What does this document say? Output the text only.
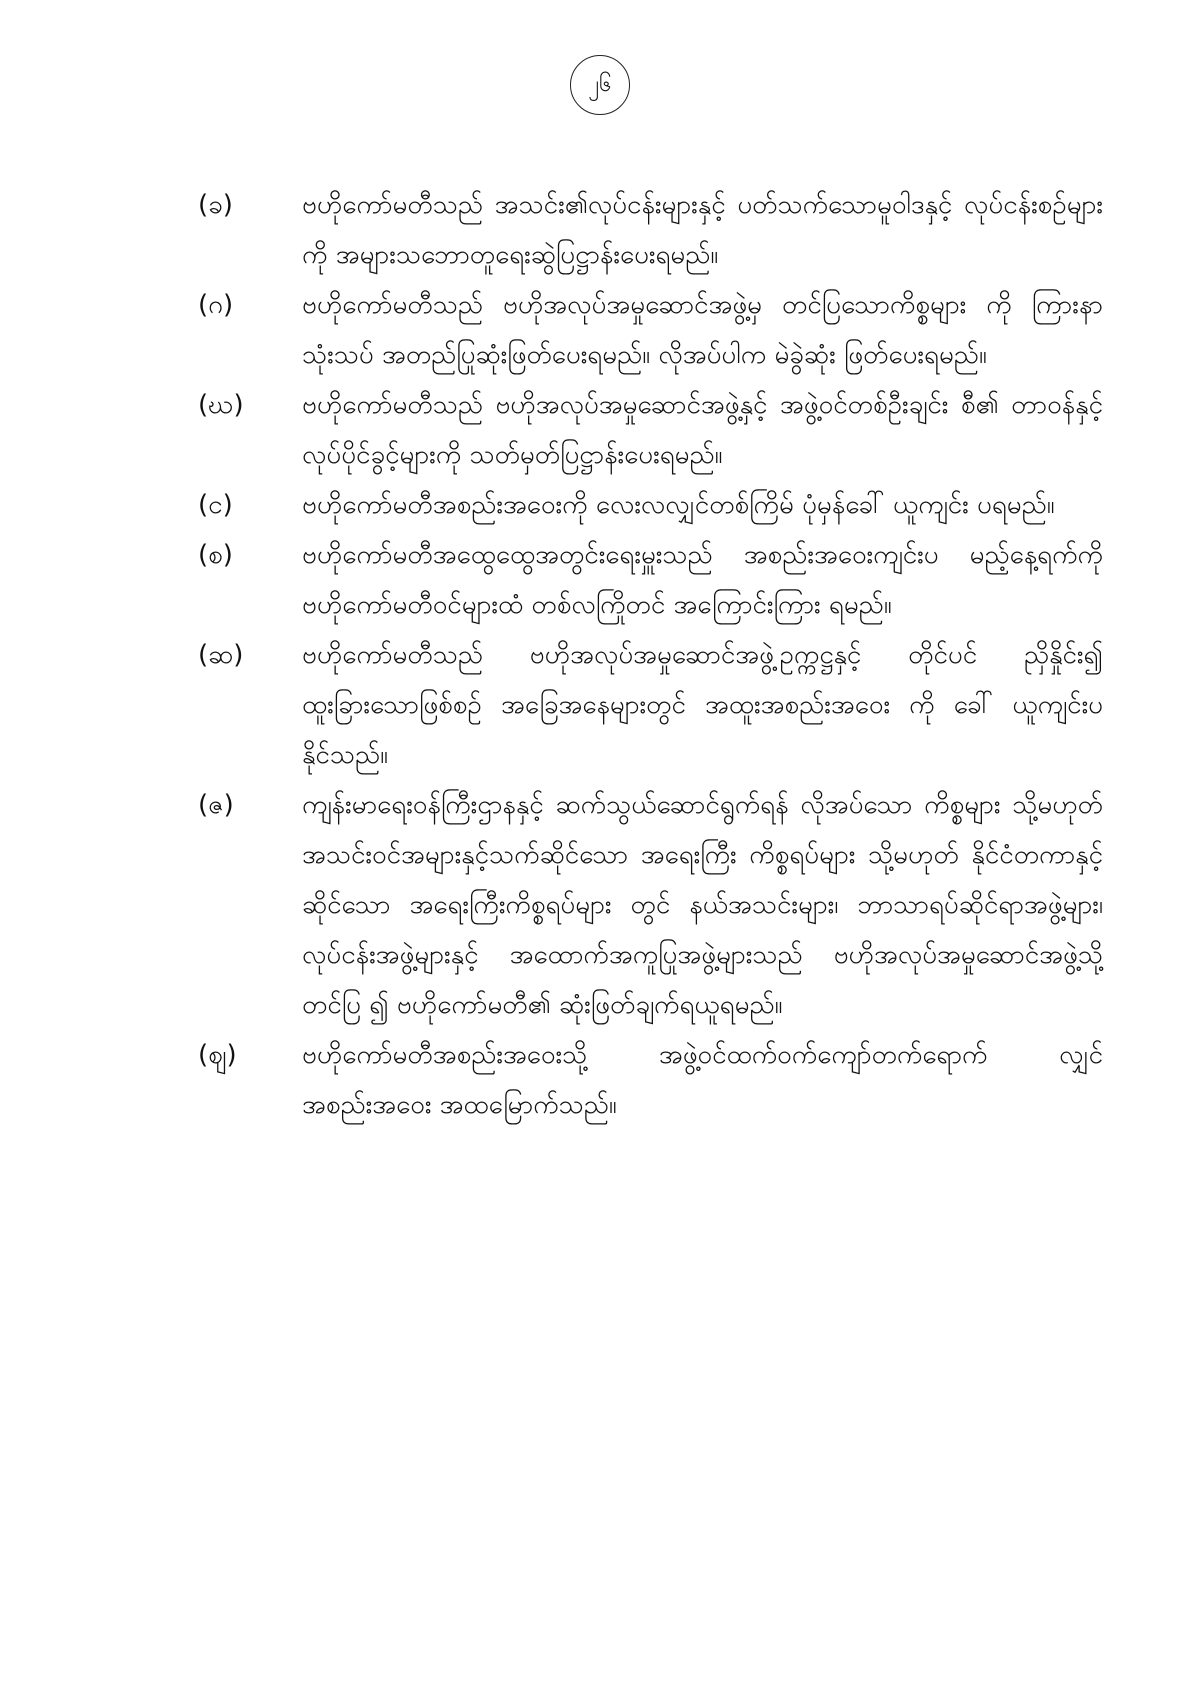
၂၆
(ခ)	ဗဟိုကော်မတီသည် အသင်း၏လုပ်ငန်းများနှင့် ပတ်သက်သောမူဝါဒနှင့် လုပ်ငန်းစဉ်များကို အများသဘောတူရေးဆွဲပြဋ္ဌာန်းပေးရမည်။
(ဂ)	ဗဟိုကော်မတီသည် ဗဟိုအလုပ်အမှုဆောင်အဖွဲ့မှ တင်ပြသောကိစ္စများ ကို ကြားနာသုံးသပ် အတည်ပြုဆုံးဖြတ်ပေးရမည်။ လိုအပ်ပါက မဲခွဲဆုံး ဖြတ်ပေးရမည်။
(ဃ)	ဗဟိုကော်မတီသည် ဗဟိုအလုပ်အမှုဆောင်အဖွဲ့နှင့် အဖွဲ့ဝင်တစ်ဦးချင်း စီ၏ တာဝန်နှင့်လုပ်ပိုင်ခွင့်များကို သတ်မှတ်ပြဋ္ဌာန်းပေးရမည်။
(င)	ဗဟိုကော်မတီအစည်းအဝေးကို လေးလလျှင်တစ်ကြိမ် ပုံမှန်ခေါ် ယူကျင်း ပရမည်။
(စ)	ဗဟိုကော်မတီအထွေထွေအတွင်းရေးမှူးသည် အစည်းအဝေးကျင်းပ မည့်နေ့ရက်ကို ဗဟိုကော်မတီဝင်များထံ တစ်လကြိုတင် အကြောင်းကြား ရမည်။
(ဆ)	ဗဟိုကော်မတီသည် ဗဟိုအလုပ်အမှုဆောင်အဖွဲ့ဥက္ကဋ္ဌနှင့် တိုင်ပင် ညှိနှိုင်း၍ ထူးခြားသောဖြစ်စဉ် အခြေအနေများတွင် အထူးအစည်းအဝေး ကို ခေါ် ယူကျင်းပနိုင်သည်။
(ဇ)	ကျန်းမာရေးဝန်ကြီးဌာနနှင့် ဆက်သွယ်ဆောင်ရွက်ရန် လိုအပ်သော ကိစ္စများ သို့မဟုတ် အသင်းဝင်အများနှင့်သက်ဆိုင်သော အရေးကြီး ကိစ္စရပ်များ သို့မဟုတ် နိုင်ငံတကာနှင့်ဆိုင်သော အရေးကြီးကိစ္စရပ်များ တွင် နယ်အသင်းများ၊ ဘာသာရပ်ဆိုင်ရာအဖွဲ့များ၊ လုပ်ငန်းအဖွဲ့များနှင့် အထောက်အကူပြုအဖွဲ့များသည် ဗဟိုအလုပ်အမှုဆောင်အဖွဲ့သို့တင်ပြ ၍ ဗဟိုကော်မတီ၏ ဆုံးဖြတ်ချက်ရယူရမည်။
(ဈ)	ဗဟိုကော်မတီအစည်းအဝေးသို့ အဖွဲ့ဝင်ထက်ဝက်ကျော်တက်ရောက် လျှင် အစည်းအဝေး အထမြောက်သည်။
